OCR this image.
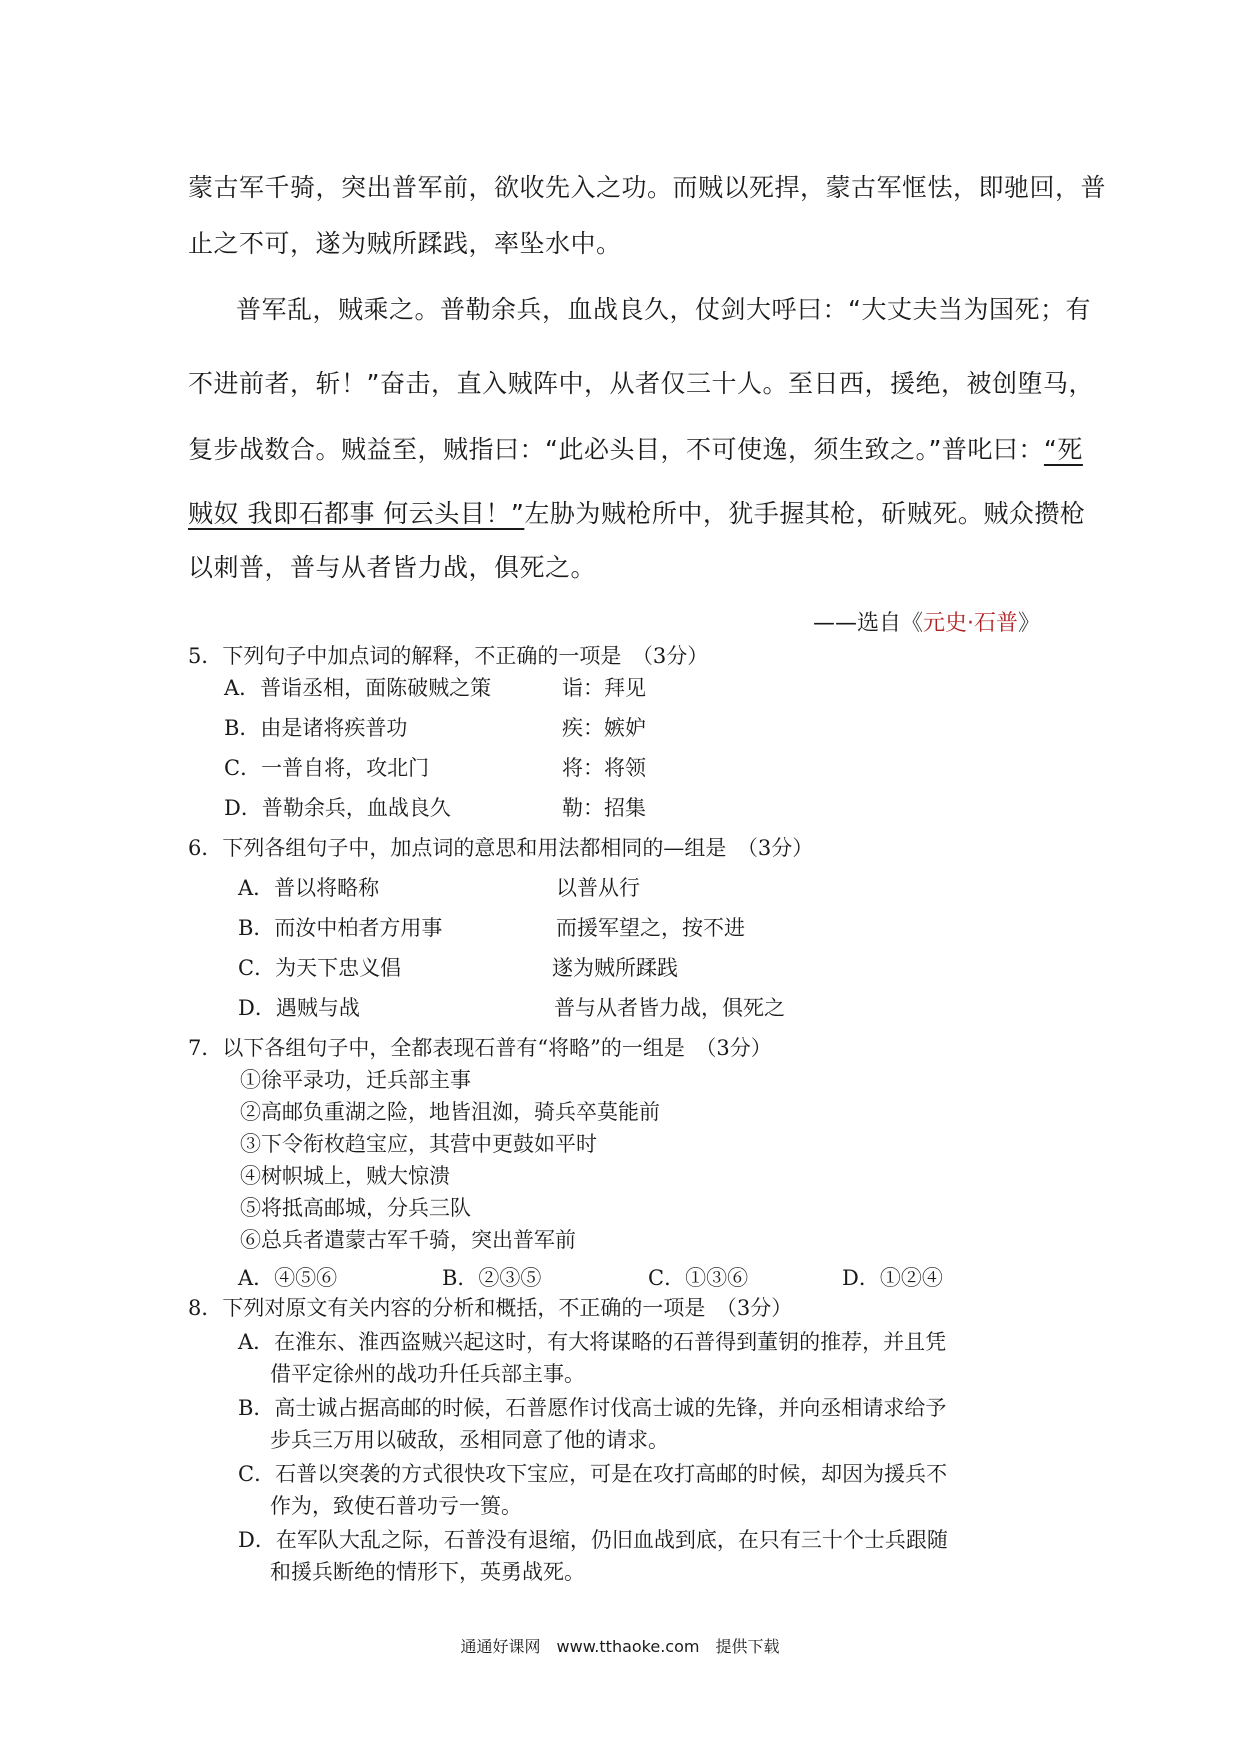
蒙古军千骑，突出普军前，欲收先入之功。而贼以死捍，蒙古军恇怯，即驰回，普
止之不可，遂为贼所蹂践，率坠水中。
普军乱，贼乘之。普勒余兵，血战良久，仗剑大呼曰：“大丈夫当为国死；有
不进前者，斩！”奋击，直入贼阵中，从者仅三十人。至日西，援绝，被创堕马，
复步战数合。贼益至，贼指曰：“此必头目，不可使逸，须生致之。”普叱曰：“死
贼奴 我即石都事 何云头目！”左胁为贼枪所中，犹手握其枪，斫贼死。贼众攒枪
以刺普，普与从者皆力战，俱死之。
——选自《元史·石普》
5．下列句子中加点词的解释，不正确的一项是　（3分）
A．普诣丞相，面陈破贼之策	诣：拜见
B．由是诸将疾普功	疾：嫉妒
C．一普自将，攻北门	将：将领
D．普勒余兵，血战良久	勒：招集
6．下列各组句子中，加点词的意思和用法都相同的—组是　（3分）
A．普以将略称	以普从行
B．而汝中柏者方用事	而援军望之，按不进
C．为天下忠义倡	遂为贼所蹂践
D．遇贼与战	普与从者皆力战，俱死之
7．以下各组句子中，全都表现石普有“将略”的一组是　（3分）
①徐平录功，迁兵部主事
②高邮负重湖之险，地皆沮洳，骑兵卒莫能前
③下令衔枚趋宝应，其营中更鼓如平时
④树帜城上，贼大惊溃
⑤将抵高邮城，分兵三队
⑥总兵者遣蒙古军千骑，突出普军前
A．④⑤⑥	B．②③⑤	C．①③⑥	D．①②④
8．下列对原文有关内容的分析和概括，不正确的一项是　（3分）
A．在淮东、淮西盗贼兴起这时，有大将谋略的石普得到董钥的推荐，并且凭
借平定徐州的战功升任兵部主事。
B．高士诚占据高邮的时候，石普愿作讨伐高士诚的先锋，并向丞相请求给予
步兵三万用以破敌，丞相同意了他的请求。
C．石普以突袭的方式很快攻下宝应，可是在攻打高邮的时候，却因为援兵不
作为，致使石普功亏一篑。
D．在军队大乱之际，石普没有退缩，仍旧血战到底，在只有三十个士兵跟随
和援兵断绝的情形下，英勇战死。
通通好课网　www.tthaoke.com　提供下载
